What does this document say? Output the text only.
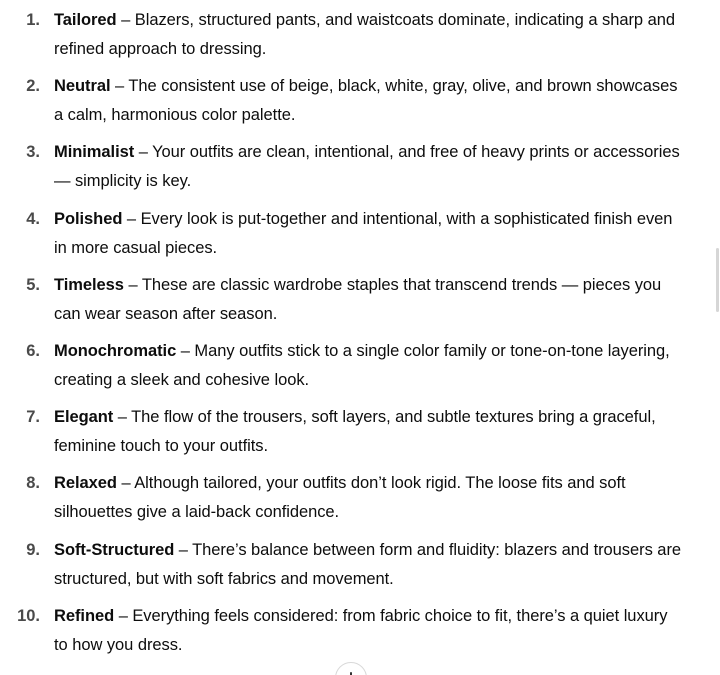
1. Tailored – Blazers, structured pants, and waistcoats dominate, indicating a sharp and refined approach to dressing.
2. Neutral – The consistent use of beige, black, white, gray, olive, and brown showcases a calm, harmonious color palette.
3. Minimalist – Your outfits are clean, intentional, and free of heavy prints or accessories — simplicity is key.
4. Polished – Every look is put-together and intentional, with a sophisticated finish even in more casual pieces.
5. Timeless – These are classic wardrobe staples that transcend trends — pieces you can wear season after season.
6. Monochromatic – Many outfits stick to a single color family or tone-on-tone layering, creating a sleek and cohesive look.
7. Elegant – The flow of the trousers, soft layers, and subtle textures bring a graceful, feminine touch to your outfits.
8. Relaxed – Although tailored, your outfits don’t look rigid. The loose fits and soft silhouettes give a laid-back confidence.
9. Soft-Structured – There’s balance between form and fluidity: blazers and trousers are structured, but with soft fabrics and movement.
10. Refined – Everything feels considered: from fabric choice to fit, there’s a quiet luxury to how you dress.
